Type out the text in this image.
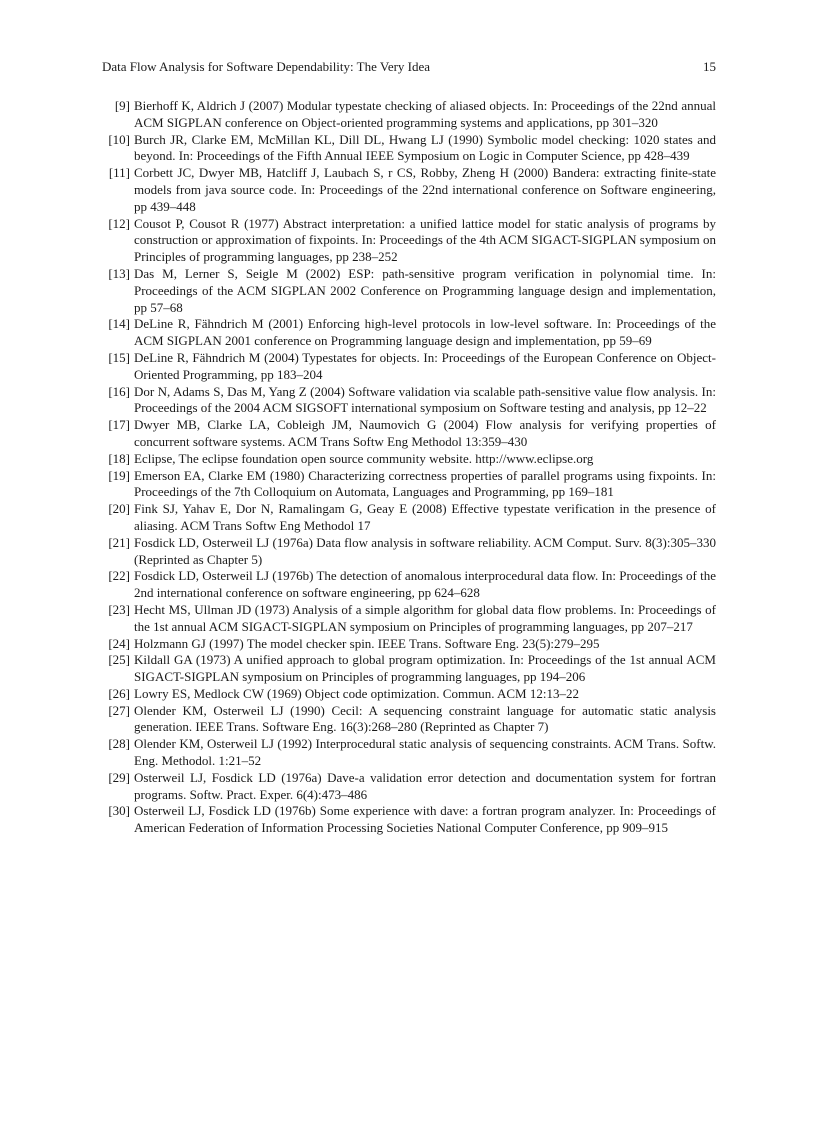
Data Flow Analysis for Software Dependability: The Very Idea	15
[9] Bierhoff K, Aldrich J (2007) Modular typestate checking of aliased objects. In: Proceedings of the 22nd annual ACM SIGPLAN conference on Object-oriented programming systems and applications, pp 301–320
[10] Burch JR, Clarke EM, McMillan KL, Dill DL, Hwang LJ (1990) Symbolic model checking: 1020 states and beyond. In: Proceedings of the Fifth Annual IEEE Symposium on Logic in Computer Science, pp 428–439
[11] Corbett JC, Dwyer MB, Hatcliff J, Laubach S, r CS, Robby, Zheng H (2000) Bandera: extracting finite-state models from java source code. In: Proceedings of the 22nd international conference on Software engineering, pp 439–448
[12] Cousot P, Cousot R (1977) Abstract interpretation: a unified lattice model for static analysis of programs by construction or approximation of fixpoints. In: Proceedings of the 4th ACM SIGACT-SIGPLAN symposium on Principles of programming languages, pp 238–252
[13] Das M, Lerner S, Seigle M (2002) ESP: path-sensitive program verification in polynomial time. In: Proceedings of the ACM SIGPLAN 2002 Conference on Programming language design and implementation, pp 57–68
[14] DeLine R, Fähndrich M (2001) Enforcing high-level protocols in low-level software. In: Proceedings of the ACM SIGPLAN 2001 conference on Programming language design and implementation, pp 59–69
[15] DeLine R, Fähndrich M (2004) Typestates for objects. In: Proceedings of the European Conference on Object-Oriented Programming, pp 183–204
[16] Dor N, Adams S, Das M, Yang Z (2004) Software validation via scalable path-sensitive value flow analysis. In: Proceedings of the 2004 ACM SIGSOFT international symposium on Software testing and analysis, pp 12–22
[17] Dwyer MB, Clarke LA, Cobleigh JM, Naumovich G (2004) Flow analysis for verifying properties of concurrent software systems. ACM Trans Softw Eng Methodol 13:359–430
[18] Eclipse, The eclipse foundation open source community website. http://www.eclipse.org
[19] Emerson EA, Clarke EM (1980) Characterizing correctness properties of parallel programs using fixpoints. In: Proceedings of the 7th Colloquium on Automata, Languages and Programming, pp 169–181
[20] Fink SJ, Yahav E, Dor N, Ramalingam G, Geay E (2008) Effective typestate verification in the presence of aliasing. ACM Trans Softw Eng Methodol 17
[21] Fosdick LD, Osterweil LJ (1976a) Data flow analysis in software reliability. ACM Comput. Surv. 8(3):305–330 (Reprinted as Chapter 5)
[22] Fosdick LD, Osterweil LJ (1976b) The detection of anomalous interprocedural data flow. In: Proceedings of the 2nd international conference on software engineering, pp 624–628
[23] Hecht MS, Ullman JD (1973) Analysis of a simple algorithm for global data flow problems. In: Proceedings of the 1st annual ACM SIGACT-SIGPLAN symposium on Principles of programming languages, pp 207–217
[24] Holzmann GJ (1997) The model checker spin. IEEE Trans. Software Eng. 23(5):279–295
[25] Kildall GA (1973) A unified approach to global program optimization. In: Proceedings of the 1st annual ACM SIGACT-SIGPLAN symposium on Principles of programming languages, pp 194–206
[26] Lowry ES, Medlock CW (1969) Object code optimization. Commun. ACM 12:13–22
[27] Olender KM, Osterweil LJ (1990) Cecil: A sequencing constraint language for automatic static analysis generation. IEEE Trans. Software Eng. 16(3):268–280 (Reprinted as Chapter 7)
[28] Olender KM, Osterweil LJ (1992) Interprocedural static analysis of sequencing constraints. ACM Trans. Softw. Eng. Methodol. 1:21–52
[29] Osterweil LJ, Fosdick LD (1976a) Dave-a validation error detection and documentation system for fortran programs. Softw. Pract. Exper. 6(4):473–486
[30] Osterweil LJ, Fosdick LD (1976b) Some experience with dave: a fortran program analyzer. In: Proceedings of American Federation of Information Processing Societies National Computer Conference, pp 909–915
